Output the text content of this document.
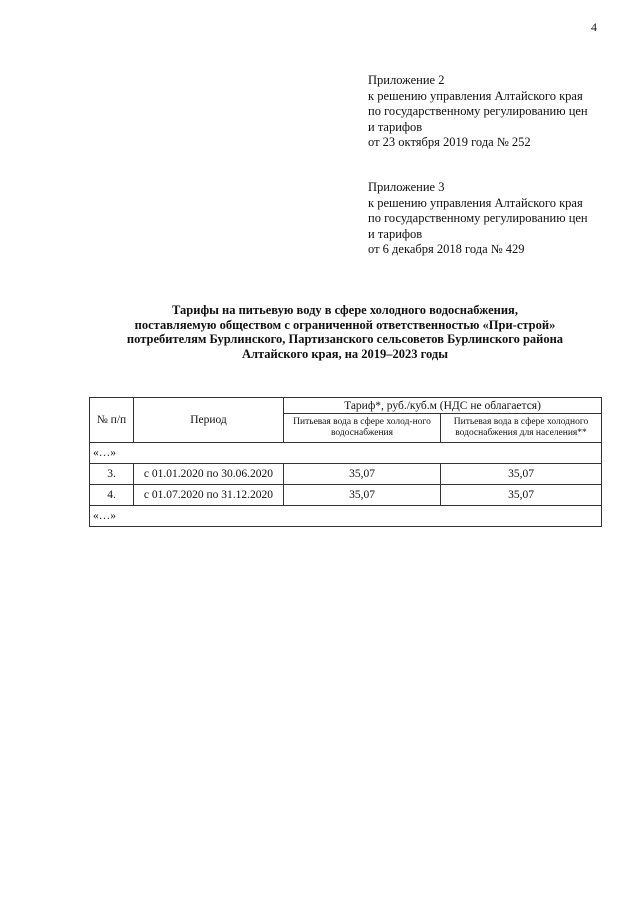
4
Приложение 2
к решению управления Алтайского края
по государственному регулированию цен
и тарифов
от 23 октября 2019 года № 252
Приложение 3
к решению управления Алтайского края
по государственному регулированию цен
и тарифов
от 6 декабря 2018 года № 429
Тарифы на питьевую воду в сфере холодного водоснабжения,
поставляемую обществом с ограниченной ответственностью «При-строй»
потребителям Бурлинского, Партизанского сельсоветов Бурлинского района
Алтайского края, на 2019–2023 годы
№ п/п	Период	Тариф*, руб./куб.м (НДС не облагается)	
		Питьевая вода в сфере холод-ного водоснабжения	Питьевая вода в сфере холодного водоснабжения для населения**
«…»			
3.	с 01.01.2020 по 30.06.2020	35,07	35,07
4.	с 01.07.2020 по 31.12.2020	35,07	35,07
«…»			
